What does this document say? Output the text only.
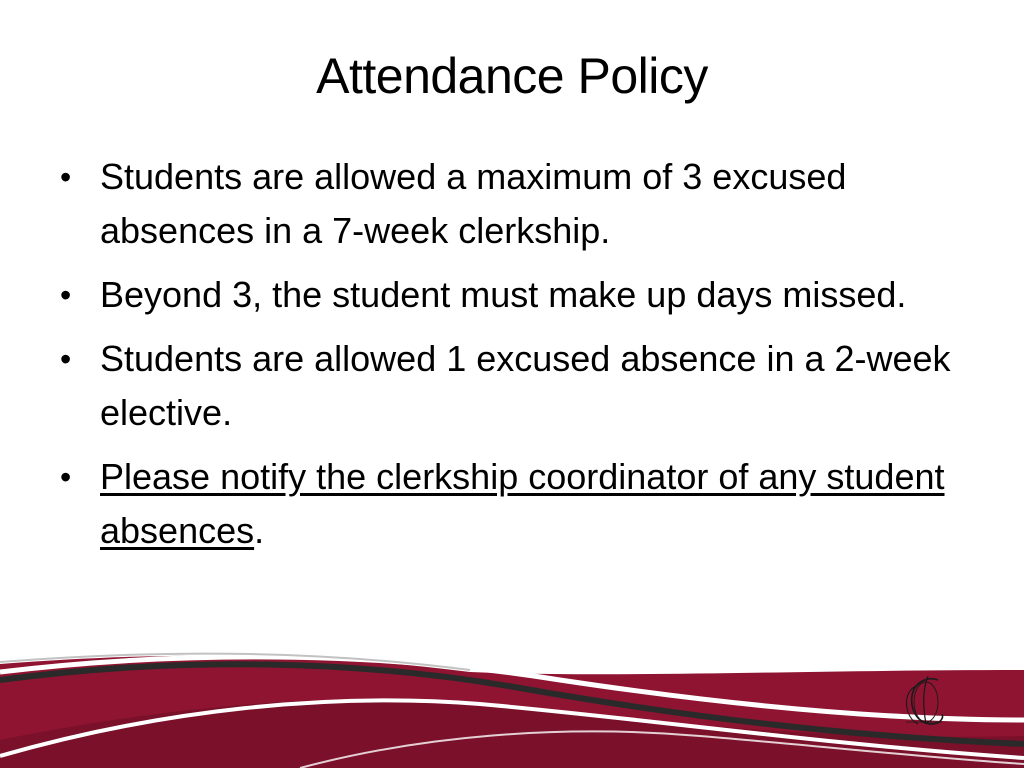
Attendance Policy
• Students are allowed a maximum of 3 excused absences in a 7-week clerkship.
• Beyond 3, the student must make up days missed.
• Students are allowed 1 excused absence in a 2-week elective.
• Please notify the clerkship coordinator of any student absences.
